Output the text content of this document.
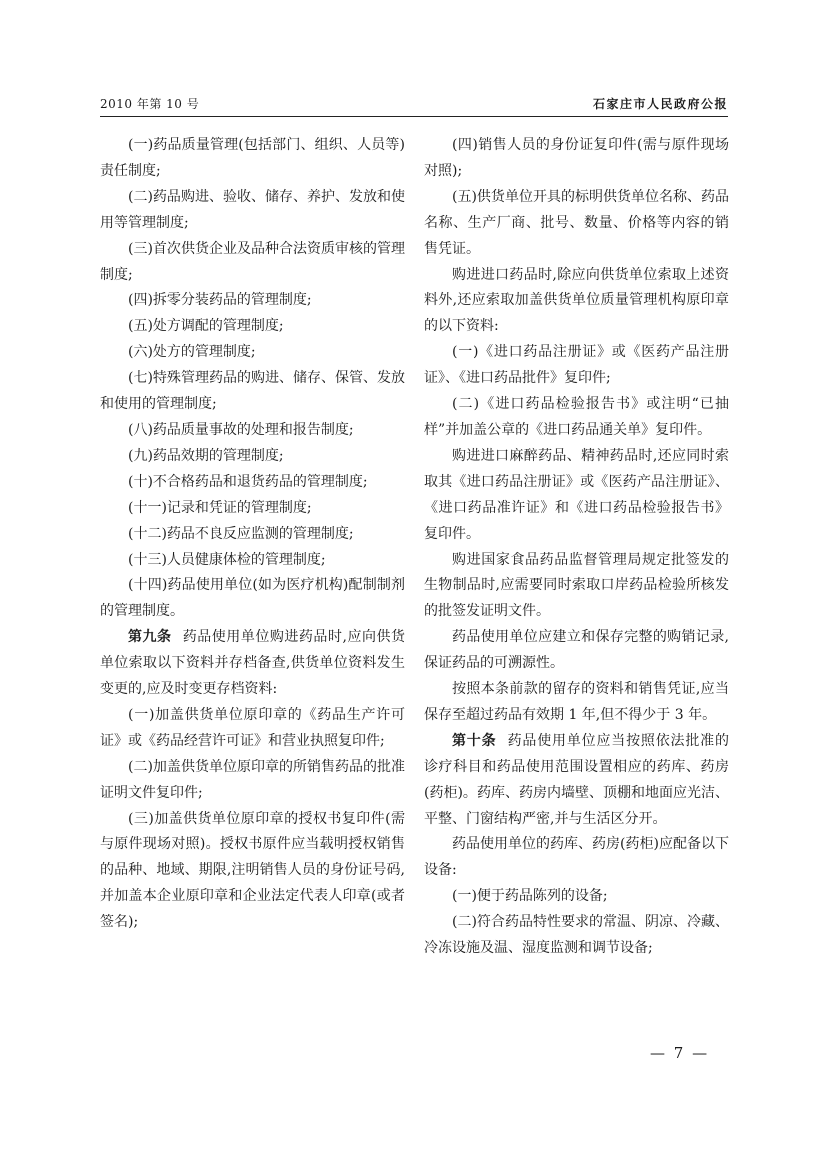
2010 年第 10 号	石家庄市人民政府公报

(一)药品质量管理(包括部门、组织、人员等)责任制度;

(二)药品购进、验收、储存、养护、发放和使用等管理制度;

(三)首次供货企业及品种合法资质审核的管理制度;

(四)拆零分装药品的管理制度;

(五)处方调配的管理制度;

(六)处方的管理制度;

(七)特殊管理药品的购进、储存、保管、发放和使用的管理制度;

(八)药品质量事故的处理和报告制度;

(九)药品效期的管理制度;

(十)不合格药品和退货药品的管理制度;

(十一)记录和凭证的管理制度;

(十二)药品不良反应监测的管理制度;

(十三)人员健康体检的管理制度;

(十四)药品使用单位(如为医疗机构)配制制剂的管理制度。

第九条 药品使用单位购进药品时,应向供货单位索取以下资料并存档备查,供货单位资料发生变更的,应及时变更存档资料:

(一)加盖供货单位原印章的《药品生产许可证》或《药品经营许可证》和营业执照复印件;

(二)加盖供货单位原印章的所销售药品的批准证明文件复印件;

(三)加盖供货单位原印章的授权书复印件(需与原件现场对照)。授权书原件应当载明授权销售的品种、地域、期限,注明销售人员的身份证号码,并加盖本企业原印章和企业法定代表人印章(或者签名);

(四)销售人员的身份证复印件(需与原件现场对照);

(五)供货单位开具的标明供货单位名称、药品名称、生产厂商、批号、数量、价格等内容的销售凭证。

购进进口药品时,除应向供货单位索取上述资料外,还应索取加盖供货单位质量管理机构原印章的以下资料:

(一)《进口药品注册证》或《医药产品注册证》、《进口药品批件》复印件;

(二)《进口药品检验报告书》或注明“已抽样”并加盖公章的《进口药品通关单》复印件。

购进进口麻醉药品、精神药品时,还应同时索取其《进口药品注册证》或《医药产品注册证》、《进口药品准许证》和《进口药品检验报告书》复印件。

购进国家食品药品监督管理局规定批签发的生物制品时,应需要同时索取口岸药品检验所核发的批签发证明文件。

药品使用单位应建立和保存完整的购销记录,保证药品的可溯源性。

按照本条前款的留存的资料和销售凭证,应当保存至超过药品有效期 1 年,但不得少于 3 年。

第十条 药品使用单位应当按照依法批准的诊疗科目和药品使用范围设置相应的药库、药房(药柜)。药库、药房内墙壁、顶棚和地面应光洁、平整、门窗结构严密,并与生活区分开。

药品使用单位的药库、药房(药柜)应配备以下设备:

(一)便于药品陈列的设备;

(二)符合药品特性要求的常温、阴凉、冷藏、冷冻设施及温、湿度监测和调节设备;

— 7 —
